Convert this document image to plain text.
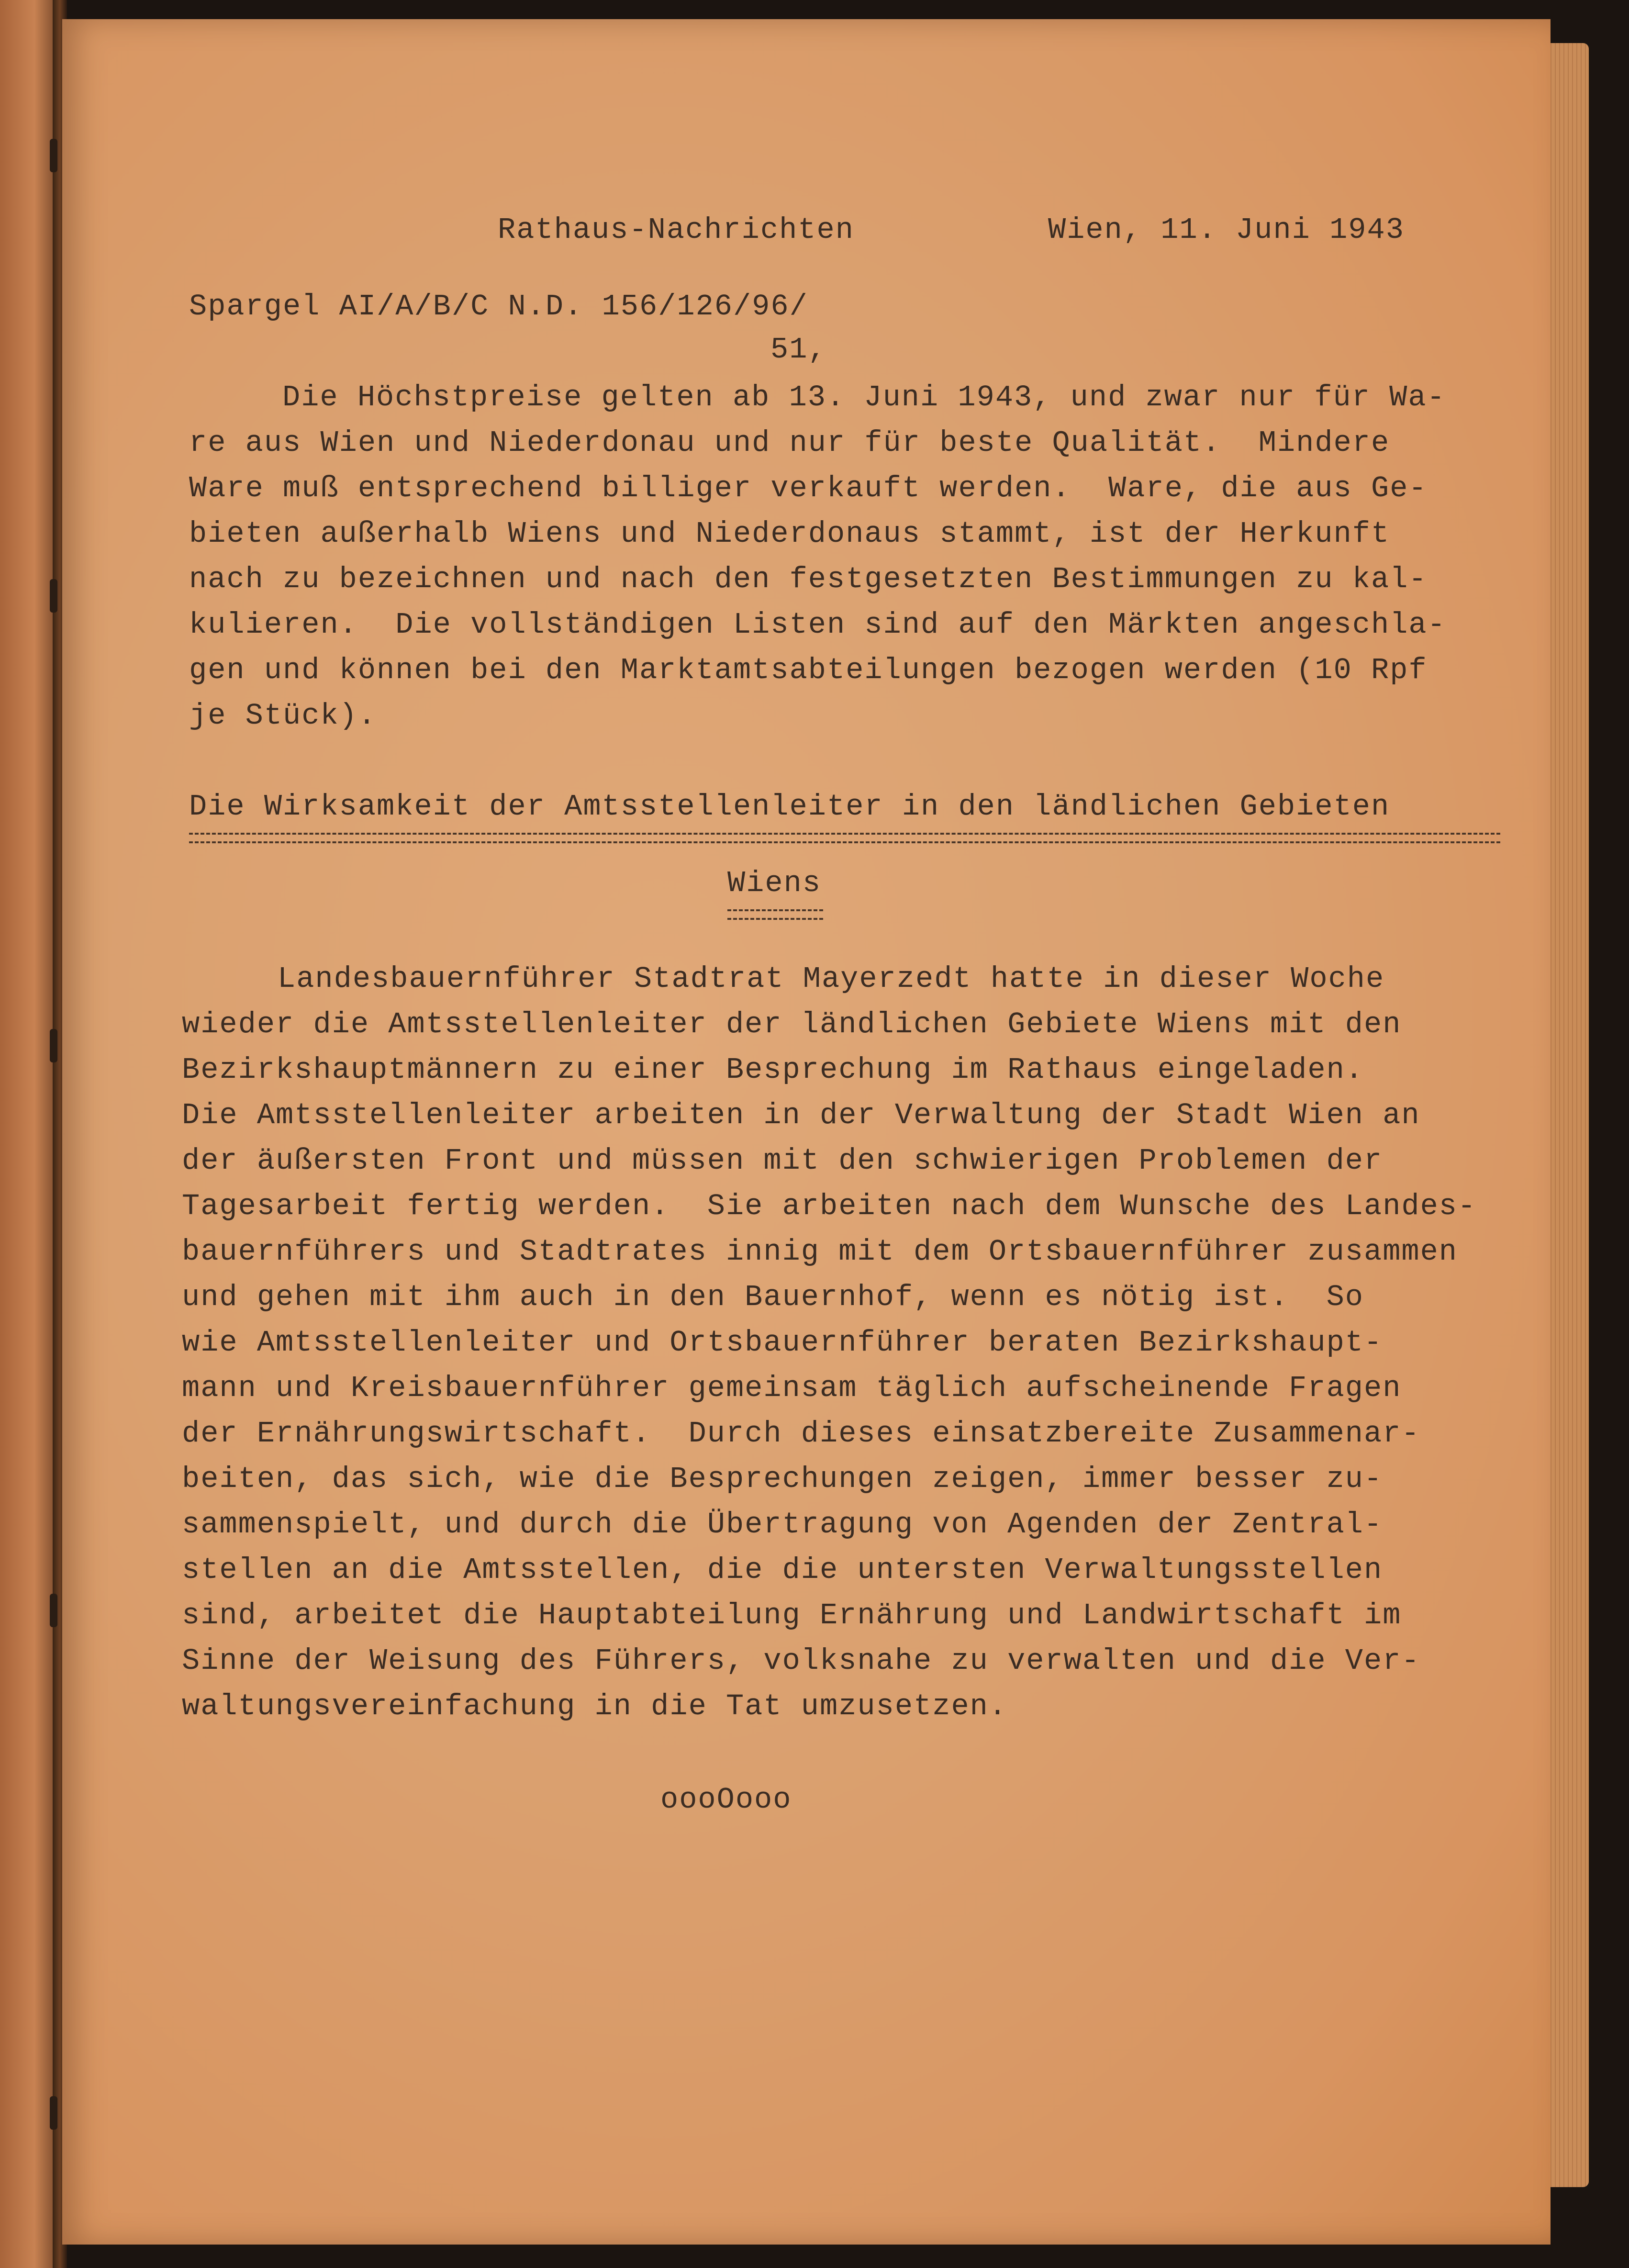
Rathaus-Nachrichten	Wien, 11. Juni 1943
Spargel AI/A/B/C N.D. 156/126/96/
51,
Die Höchstpreise gelten ab 13. Juni 1943, und zwar nur für Wa-
re aus Wien und Niederdonau und nur für beste Qualität.  Mindere
Ware muß entsprechend billiger verkauft werden.  Ware, die aus Ge-
bieten außerhalb Wiens und Niederdonaus stammt, ist der Herkunft
nach zu bezeichnen und nach den festgesetzten Bestimmungen zu kal-
kulieren.  Die vollständigen Listen sind auf den Märkten angeschla-
gen und können bei den Marktamtsabteilungen bezogen werden (10 Rpf
je Stück).
Die Wirksamkeit der Amtsstellenleiter in den ländlichen Gebieten
Wiens
Landesbauernführer Stadtrat Mayerzedt hatte in dieser Woche
wieder die Amtsstellenleiter der ländlichen Gebiete Wiens mit den
Bezirkshauptmännern zu einer Besprechung im Rathaus eingeladen.
Die Amtsstellenleiter arbeiten in der Verwaltung der Stadt Wien an
der äußersten Front und müssen mit den schwierigen Problemen der
Tagesarbeit fertig werden.  Sie arbeiten nach dem Wunsche des Landes-
bauernführers und Stadtrates innig mit dem Ortsbauernführer zusammen
und gehen mit ihm auch in den Bauernhof, wenn es nötig ist.  So
wie Amtsstellenleiter und Ortsbauernführer beraten Bezirkshaupt-
mann und Kreisbauernführer gemeinsam täglich aufscheinende Fragen
der Ernährungswirtschaft.  Durch dieses einsatzbereite Zusammenar-
beiten, das sich, wie die Besprechungen zeigen, immer besser zu-
sammenspielt, und durch die Übertragung von Agenden der Zentral-
stellen an die Amtsstellen, die die untersten Verwaltungsstellen
sind, arbeitet die Hauptabteilung Ernährung und Landwirtschaft im
Sinne der Weisung des Führers, volksnahe zu verwalten und die Ver-
waltungsvereinfachung in die Tat umzusetzen.
oooOooo
